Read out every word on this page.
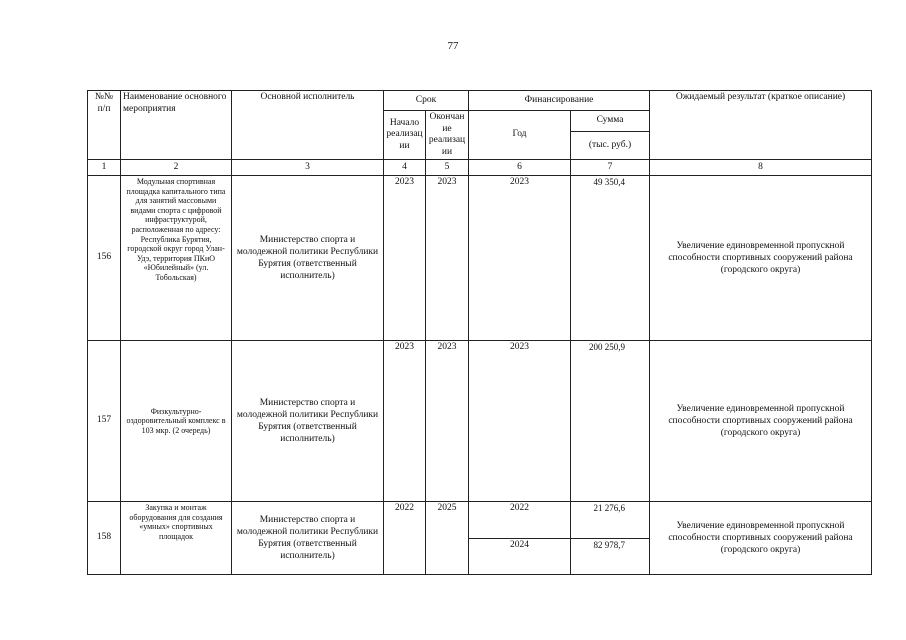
77
№№ п/п	Наименование основного мероприятия	Основной исполнитель	Срок		Финансирование		Ожидаемый результат (краткое описание)
			Начало реализации	Окончание реализации	Год	Сумма	
						(тыс. руб.)	
1	2	3	4	5	6	7	8
156	Модульная спортивная площадка капитального типа для занятий массовыми видами спорта с цифровой инфраструктурой, расположенная по адресу: Республика Бурятия, городской округ город Улан-Удэ, территория ПКиО «Юбилейный» (ул. Тобольская)	Министерство спорта и молодежной политики Республики Бурятия (ответственный исполнитель)	2023	2023	2023	49 350,4	Увеличение единовременной пропускной способности спортивных сооружений района (городского округа)
157	Физкультурно-оздоровительный комплекс в 103 мкр. (2 очередь)	Министерство спорта и молодежной политики Республики Бурятия (ответственный исполнитель)	2023	2023	2023	200 250,9	Увеличение единовременной пропускной способности спортивных сооружений района (городского округа)
158	Закупка и монтаж оборудования для создания «умных» спортивных площадок	Министерство спорта и молодежной политики Республики Бурятия (ответственный исполнитель)	2022	2025	2022	21 276,6	Увеличение единовременной пропускной способности спортивных сооружений района (городского округа)
					2024	82 978,7	
